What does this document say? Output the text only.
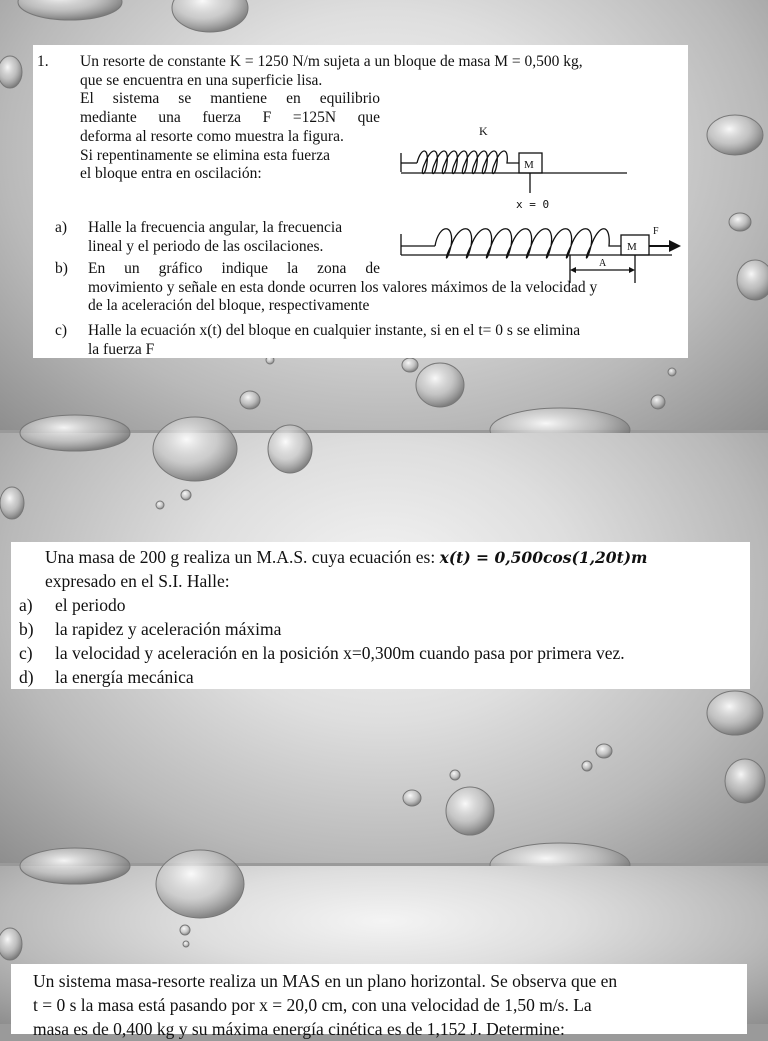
1. Un resorte de constante K = 1250 N/m sujeta a un bloque de masa M = 0,500 kg,
que se encuentra en una superficie lisa.
El sistema se mantiene en equilibrio
mediante una fuerza F =125N que
deforma al resorte como muestra la figura.
Si repentinamente se elimina esta fuerza
el bloque entra en oscilación:
a) Halle la frecuencia angular, la frecuencia
lineal y el periodo de las oscilaciones.
b) En un gráfico indique la zona de
movimiento y señale en esta donde ocurren los valores máximos de la velocidad y
de la aceleración del bloque, respectivamente
c) Halle la ecuación x(t) del bloque en cualquier instante, si en el t= 0 s se elimina
la fuerza F
K
M
x = 0
M
F
A
Una masa de 200 g realiza un M.A.S. cuya ecuación es: x(t) = 0,500cos(1,20t)m
expresado en el S.I. Halle:
a) el periodo
b) la rapidez y aceleración máxima
c) la velocidad y aceleración en la posición x=0,300m cuando pasa por primera vez.
d) la energía mecánica
Un sistema masa-resorte realiza un MAS en un plano horizontal. Se observa que en
t = 0 s la masa está pasando por x = 20,0 cm, con una velocidad de 1,50 m/s. La
masa es de 0,400 kg y su máxima energía cinética es de 1,152 J. Determine:
